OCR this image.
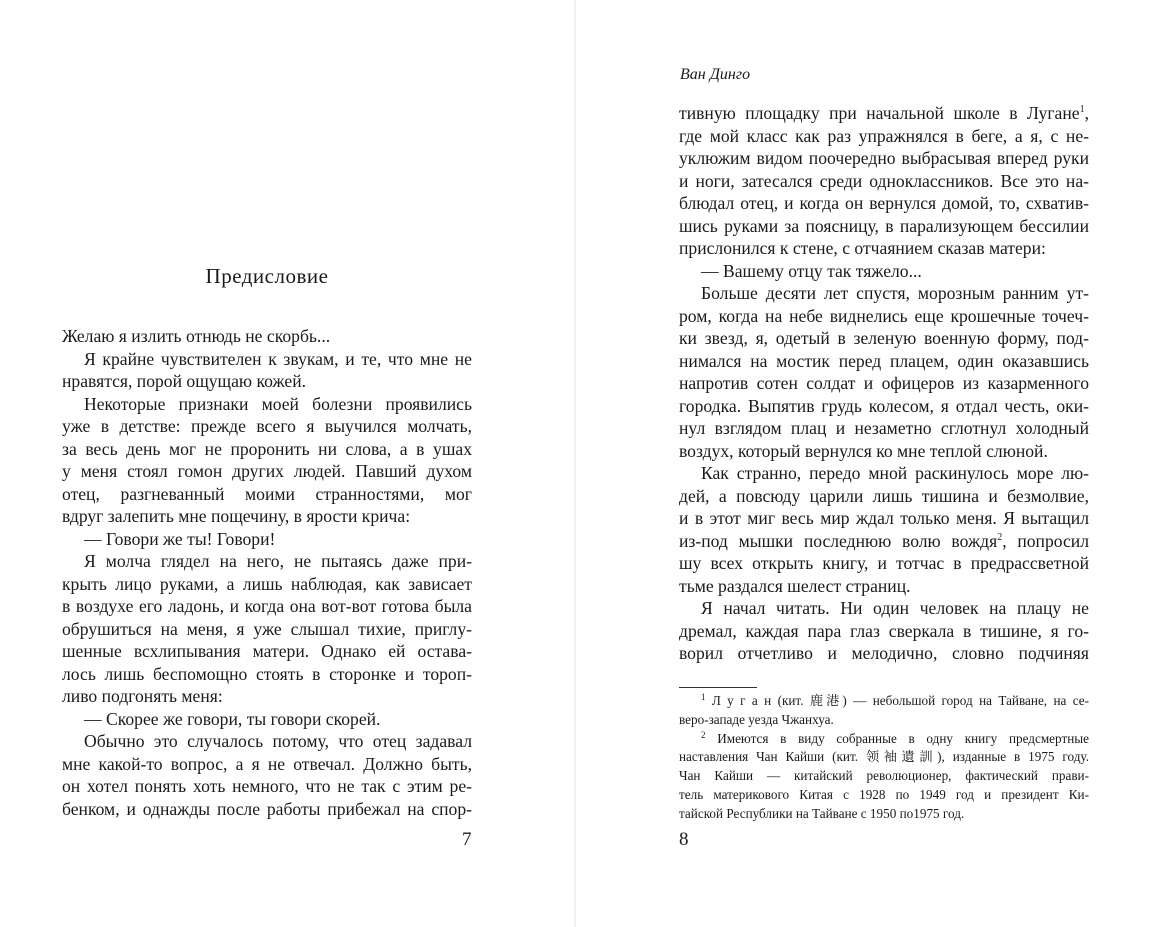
Предисловие
Желаю я излить отнюдь не скорбь...
Я крайне чувствителен к звукам, и те, что мне не
нравятся, порой ощущаю кожей.
Некоторые признаки моей болезни проявились
уже в детстве: прежде всего я выучился молчать,
за весь день мог не проронить ни слова, а в ушах
у меня стоял гомон других людей. Павший духом
отец, разгневанный моими странностями, мог
вдруг залепить мне пощечину, в ярости крича:
— Говори же ты! Говори!
Я молча глядел на него, не пытаясь даже при-
крыть лицо руками, а лишь наблюдая, как зависает
в воздухе его ладонь, и когда она вот-вот готова была
обрушиться на меня, я уже слышал тихие, приглу-
шенные всхлипывания матери. Однако ей остава-
лось лишь беспомощно стоять в сторонке и тороп-
ливо подгонять меня:
— Скорее же говори, ты говори скорей.
Обычно это случалось потому, что отец задавал
мне какой-то вопрос, а я не отвечал. Должно быть,
он хотел понять хоть немного, что не так с этим ре-
бенком, и однажды после работы прибежал на спор-
7
Ван Динго
тивную площадку при начальной школе в Лугане$^1$,
где мой класс как раз упражнялся в беге, а я, с не-
уклюжим видом поочередно выбрасывая вперед руки
и ноги, затесался среди одноклассников. Все это на-
блюдал отец, и когда он вернулся домой, то, схватив-
шись руками за поясницу, в парализующем бессилии
прислонился к стене, с отчаянием сказав матери:
— Вашему отцу так тяжело...
Больше десяти лет спустя, морозным ранним ут-
ром, когда на небе виднелись еще крошечные точеч-
ки звезд, я, одетый в зеленую военную форму, под-
нимался на мостик перед плацем, один оказавшись
напротив сотен солдат и офицеров из казарменного
городка. Выпятив грудь колесом, я отдал честь, оки-
нул взглядом плац и незаметно сглотнул холодный
воздух, который вернулся ко мне теплой слюной.
Как странно, передо мной раскинулось море лю-
дей, а повсюду царили лишь тишина и безмолвие,
и в этот миг весь мир ждал только меня. Я вытащил
из-под мышки последнюю волю вождя$^2$, попросил
шу всех открыть книгу, и тотчас в предрассветной
тьме раздался шелест страниц.
Я начал читать. Ни один человек на плацу не
дремал, каждая пара глаз сверкала в тишине, я го-
ворил отчетливо и мелодично, словно подчиняя
$^1$ Л у г а н (кит. 鹿港) — небольшой город на Тайване, на се-
веро-западе уезда Чжанхуа.
$^2$ Имеются в виду собранные в одну книгу предсмертные
наставления Чан Кайши (кит. 领袖遺訓), изданные в 1975 году.
Чан Кайши — китайский революционер, фактический прави-
тель материкового Китая с 1928 по 1949 год и президент Ки-
тайской Республики на Тайване с 1950 по1975 год.
8
